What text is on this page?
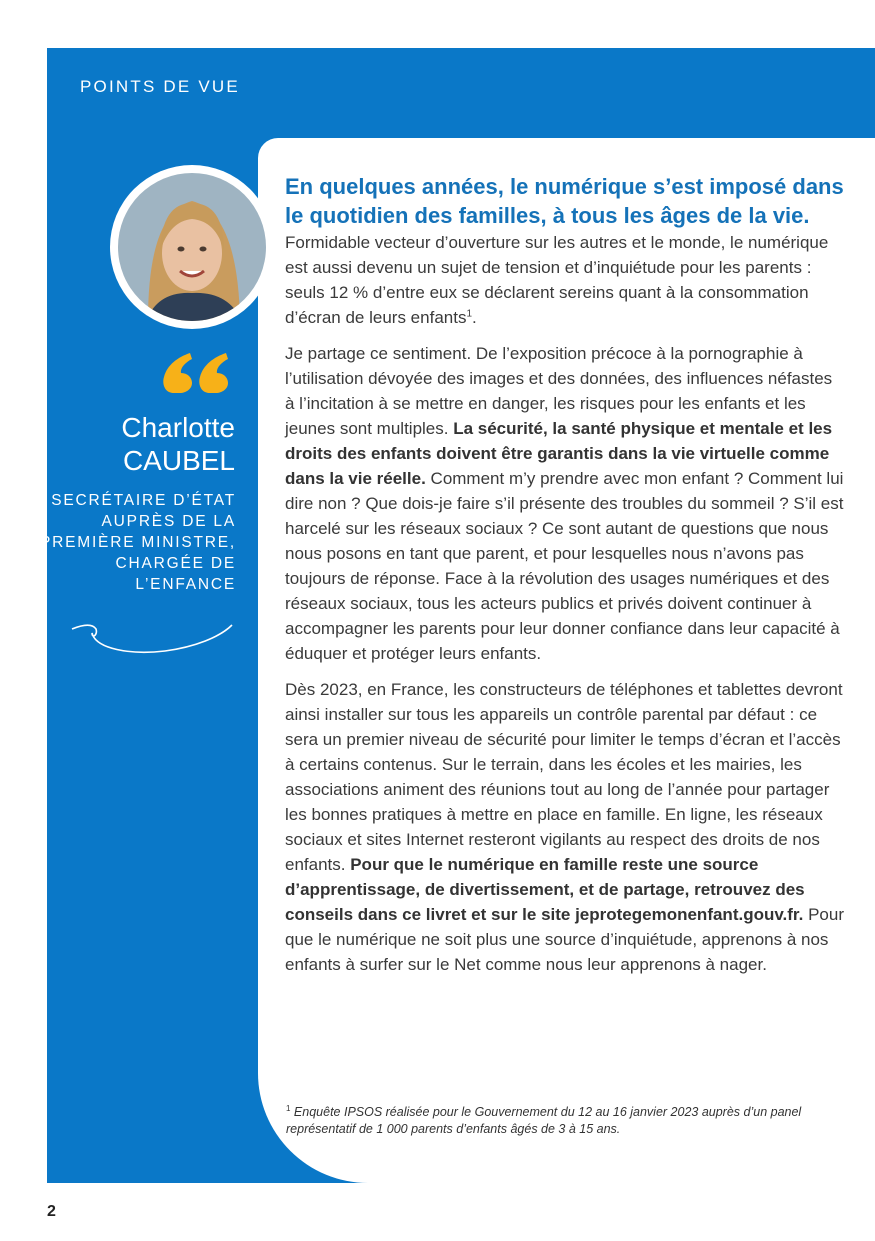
POINTS DE VUE
Charlotte
CAUBEL
SECRÉTAIRE D’ÉTAT AUPRÈS DE LA PREMIÈRE MINISTRE, CHARGÉE DE L’ENFANCE

En quelques années, le numérique s’est imposé dans le quotidien des familles, à tous les âges de la vie. Formidable vecteur d’ouverture sur les autres et le monde, le numérique est aussi devenu un sujet de tension et d’inquiétude pour les parents : seuls 12 % d’entre eux se déclarent sereins quant à la consommation d’écran de leurs enfants$^1$.

Je partage ce sentiment. De l’exposition précoce à la pornographie à l’utilisation dévoyée des images et des données, des influences néfastes à l’incitation à se mettre en danger, les risques pour les enfants et les jeunes sont multiples. La sécurité, la santé physique et mentale et les droits des enfants doivent être garantis dans la vie virtuelle comme dans la vie réelle. Comment m’y prendre avec mon enfant ? Comment lui dire non ? Que dois-je faire s’il présente des troubles du sommeil ? S’il est harcelé sur les réseaux sociaux ? Ce sont autant de questions que nous nous posons en tant que parent, et pour lesquelles nous n’avons pas toujours de réponse. Face à la révolution des usages numériques et des réseaux sociaux, tous les acteurs publics et privés doivent continuer à accompagner les parents pour leur donner confiance dans leur capacité à éduquer et protéger leurs enfants.

Dès 2023, en France, les constructeurs de téléphones et tablettes devront ainsi installer sur tous les appareils un contrôle parental par défaut : ce sera un premier niveau de sécurité pour limiter le temps d’écran et l’accès à certains contenus. Sur le terrain, dans les écoles et les mairies, les associations animent des réunions tout au long de l’année pour partager les bonnes pratiques à mettre en place en famille. En ligne, les réseaux sociaux et sites Internet resteront vigilants au respect des droits de nos enfants. Pour que le numérique en famille reste une source d’apprentissage, de divertissement, et de partage, retrouvez des conseils dans ce livret et sur le site jeprotegemonenfant.gouv.fr. Pour que le numérique ne soit plus une source d’inquiétude, apprenons à nos enfants à surfer sur le Net comme nous leur apprenons à nager.

$^1$ Enquête IPSOS réalisée pour le Gouvernement du 12 au 16 janvier 2023 auprès d’un panel représentatif de 1 000 parents d’enfants âgés de 3 à 15 ans.
2
